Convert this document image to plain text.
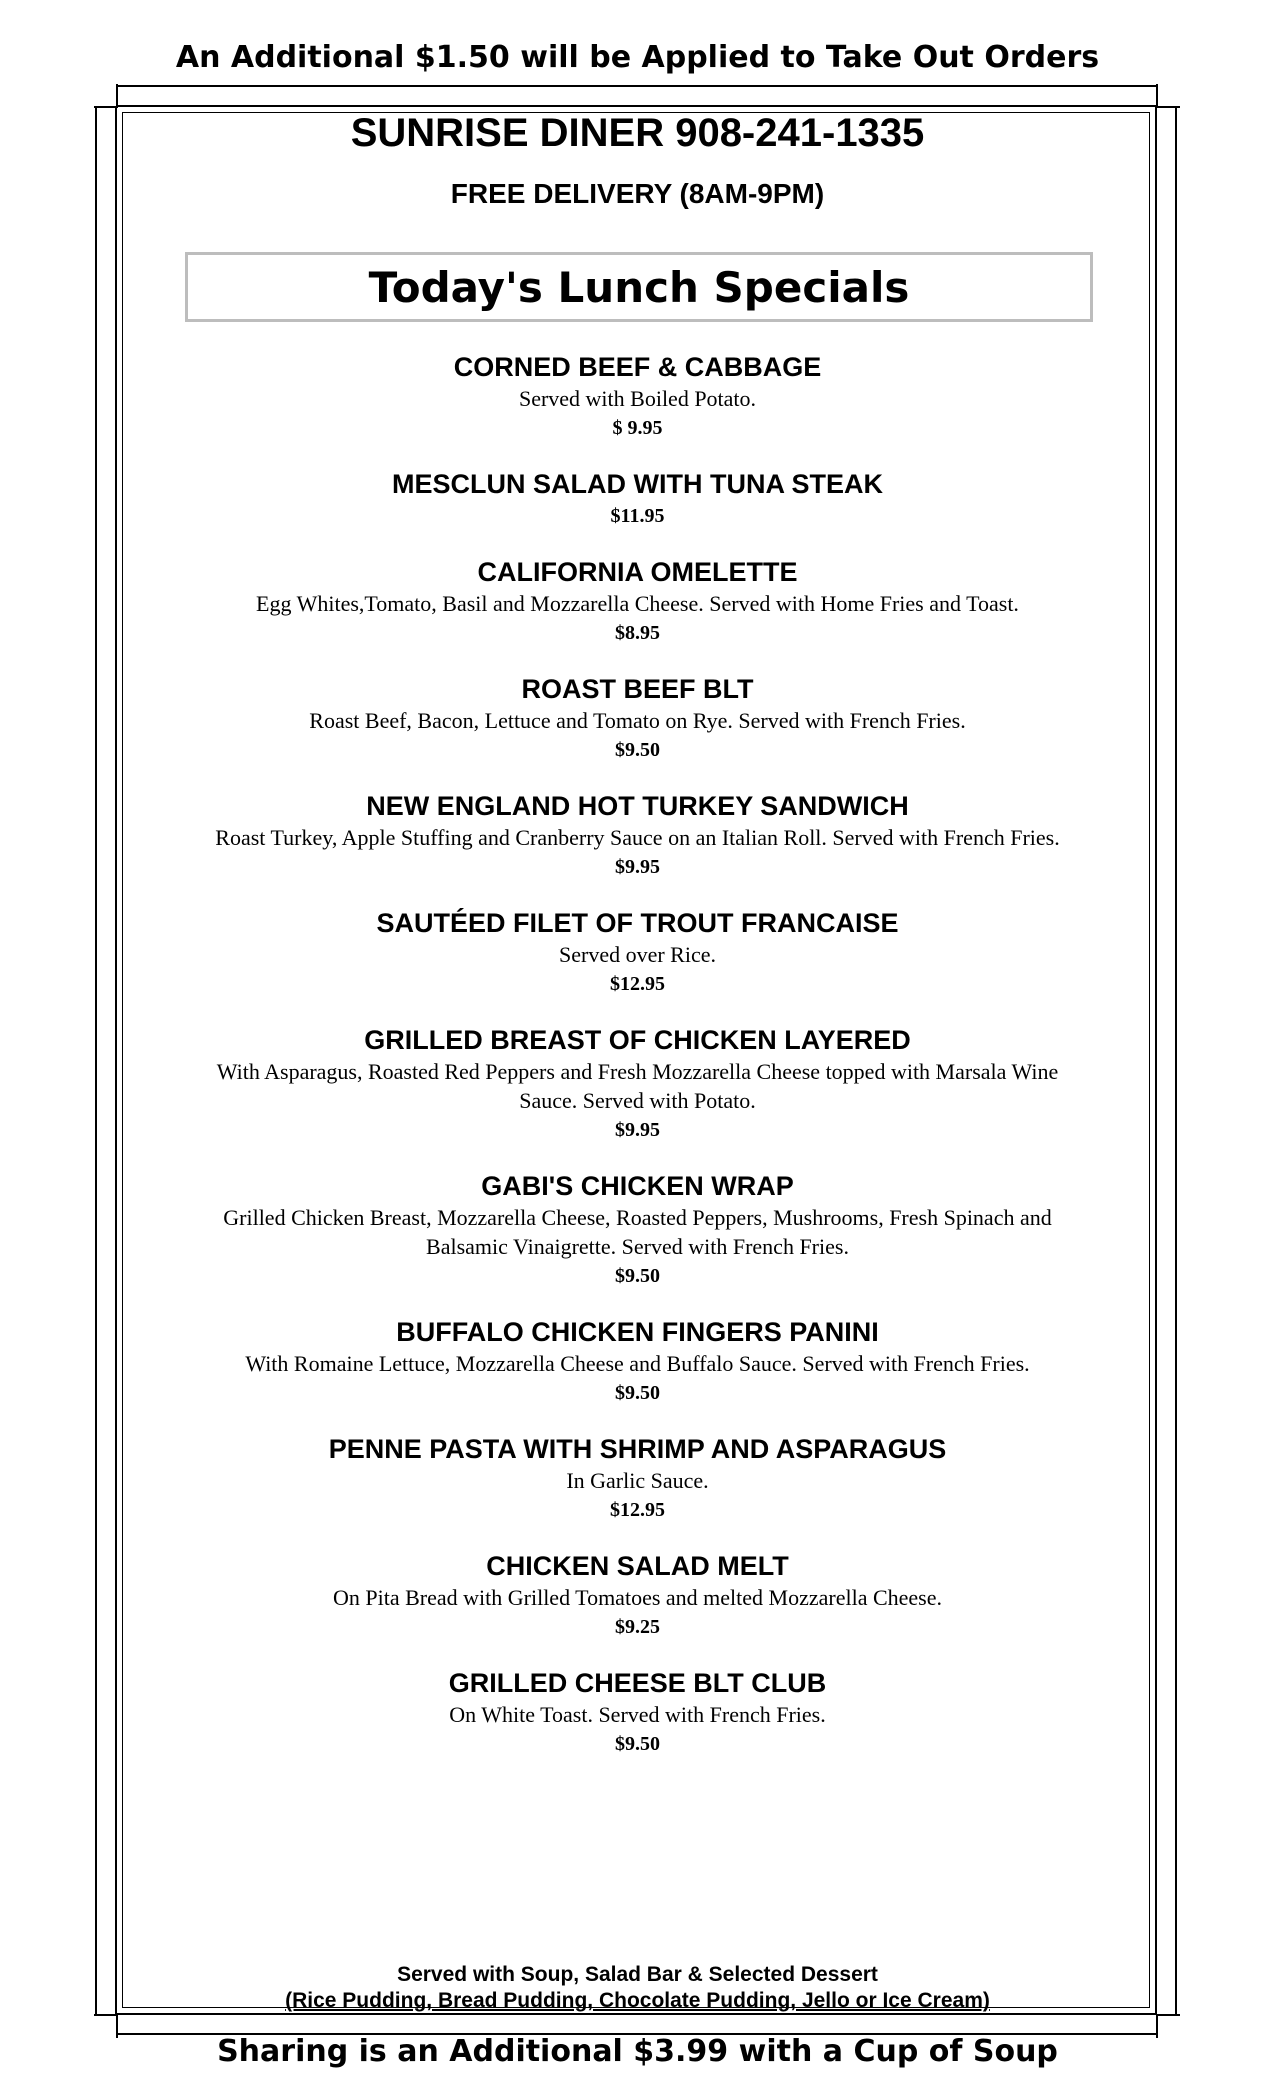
An Additional $1.50 will be Applied to Take Out Orders
SUNRISE DINER 908-241-1335
FREE DELIVERY (8AM-9PM)
Today's Lunch Specials
CORNED BEEF & CABBAGE
Served with Boiled Potato.
$ 9.95
MESCLUN SALAD WITH TUNA STEAK
$11.95
CALIFORNIA OMELETTE
Egg Whites,Tomato, Basil and Mozzarella Cheese. Served with Home Fries and Toast.
$8.95
ROAST BEEF BLT
Roast Beef, Bacon, Lettuce and Tomato on Rye. Served with French Fries.
$9.50
NEW ENGLAND HOT TURKEY SANDWICH
Roast Turkey, Apple Stuffing and Cranberry Sauce on an Italian Roll. Served with French Fries.
$9.95
SAUTÉED FILET OF TROUT FRANCAISE
Served over Rice.
$12.95
GRILLED BREAST OF CHICKEN LAYERED
With Asparagus, Roasted Red Peppers and Fresh Mozzarella Cheese topped with Marsala Wine Sauce. Served with Potato.
$9.95
GABI'S CHICKEN WRAP
Grilled Chicken Breast, Mozzarella Cheese, Roasted Peppers, Mushrooms, Fresh Spinach and Balsamic Vinaigrette. Served with French Fries.
$9.50
BUFFALO CHICKEN FINGERS PANINI
With Romaine Lettuce, Mozzarella Cheese and Buffalo Sauce. Served with French Fries.
$9.50
PENNE PASTA WITH SHRIMP AND ASPARAGUS
In Garlic Sauce.
$12.95
CHICKEN SALAD MELT
On Pita Bread with Grilled Tomatoes and melted Mozzarella Cheese.
$9.25
GRILLED CHEESE BLT CLUB
On White Toast. Served with French Fries.
$9.50
Served with Soup, Salad Bar & Selected Dessert
(Rice Pudding, Bread Pudding, Chocolate Pudding, Jello or Ice Cream)
Sharing is an Additional $3.99 with a Cup of Soup
